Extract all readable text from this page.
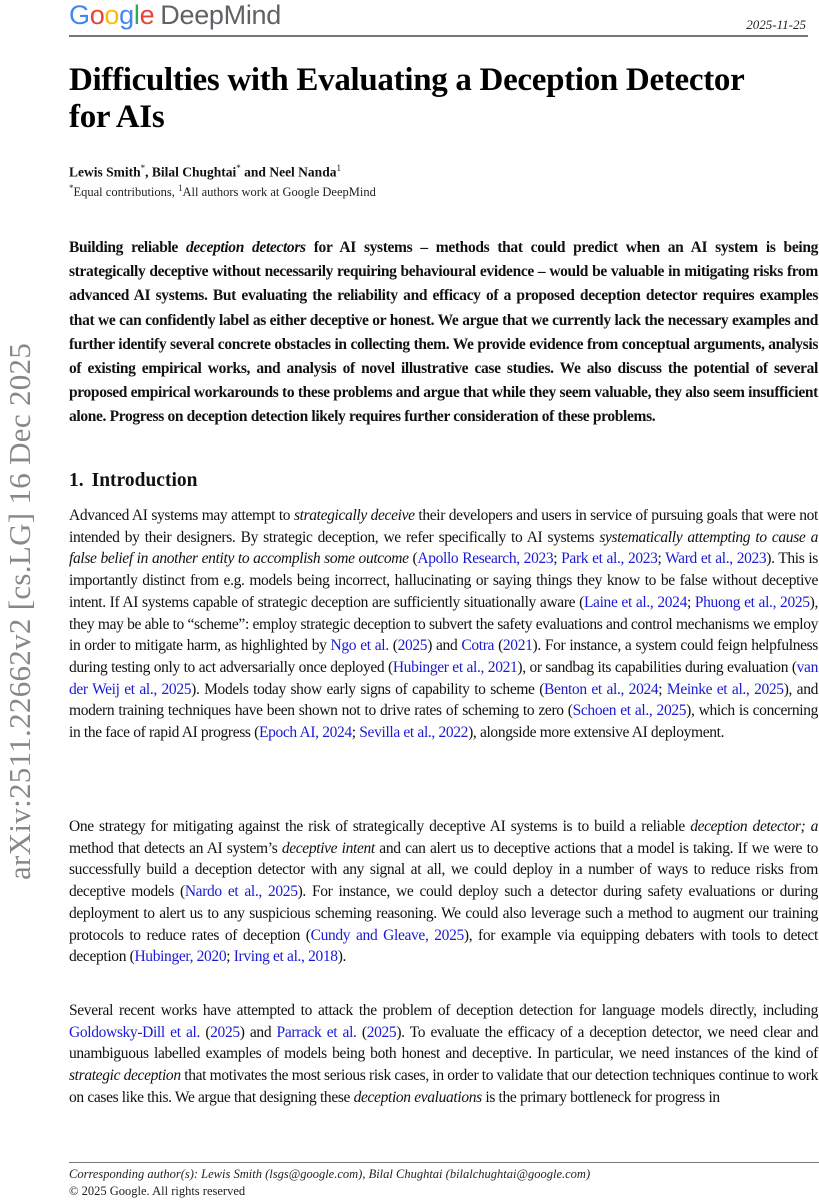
Google DeepMind	2025-11-25
Difficulties with Evaluating a Deception Detector for AIs
Lewis Smith*, Bilal Chughtai* and Neel Nanda$^1$
*Equal contributions, $^1$All authors work at Google DeepMind

Building reliable deception detectors for AI systems – methods that could predict when an AI system is being strategically deceptive without necessarily requiring behavioural evidence – would be valuable in mitigating risks from advanced AI systems. But evaluating the reliability and efficacy of a proposed deception detector requires examples that we can confidently label as either deceptive or honest. We argue that we currently lack the necessary examples and further identify several concrete obstacles in collecting them. We provide evidence from conceptual arguments, analysis of existing empirical works, and analysis of novel illustrative case studies. We also discuss the potential of several proposed empirical workarounds to these problems and argue that while they seem valuable, they also seem insufficient alone. Progress on deception detection likely requires further consideration of these problems.

1. Introduction

Advanced AI systems may attempt to strategically deceive their developers and users in service of pursuing goals that were not intended by their designers. By strategic deception, we refer specifically to AI systems systematically attempting to cause a false belief in another entity to accomplish some outcome (Apollo Research, 2023; Park et al., 2023; Ward et al., 2023). This is importantly distinct from e.g. models being incorrect, hallucinating or saying things they know to be false without deceptive intent. If AI systems capable of strategic deception are sufficiently situationally aware (Laine et al., 2024; Phuong et al., 2025), they may be able to “scheme”: employ strategic deception to subvert the safety evaluations and control mechanisms we employ in order to mitigate harm, as highlighted by Ngo et al. (2025) and Cotra (2021). For instance, a system could feign helpfulness during testing only to act adversarially once deployed (Hubinger et al., 2021), or sandbag its capabilities during evaluation (van der Weij et al., 2025). Models today show early signs of capability to scheme (Benton et al., 2024; Meinke et al., 2025), and modern training techniques have been shown not to drive rates of scheming to zero (Schoen et al., 2025), which is concerning in the face of rapid AI progress (Epoch AI, 2024; Sevilla et al., 2022), alongside more extensive AI deployment.

One strategy for mitigating against the risk of strategically deceptive AI systems is to build a reliable deception detector; a method that detects an AI system’s deceptive intent and can alert us to deceptive actions that a model is taking. If we were to successfully build a deception detector with any signal at all, we could deploy in a number of ways to reduce risks from deceptive models (Nardo et al., 2025). For instance, we could deploy such a detector during safety evaluations or during deployment to alert us to any suspicious scheming reasoning. We could also leverage such a method to augment our training protocols to reduce rates of deception (Cundy and Gleave, 2025), for example via equipping debaters with tools to detect deception (Hubinger, 2020; Irving et al., 2018).

Several recent works have attempted to attack the problem of deception detection for language models directly, including Goldowsky-Dill et al. (2025) and Parrack et al. (2025). To evaluate the efficacy of a deception detector, we need clear and unambiguous labelled examples of models being both honest and deceptive. In particular, we need instances of the kind of strategic deception that motivates the most serious risk cases, in order to validate that our detection techniques continue to work on cases like this. We argue that designing these deception evaluations is the primary bottleneck for progress in

arXiv:2511.22662v2 [cs.LG] 16 Dec 2025
Corresponding author(s): Lewis Smith (lsgs@google.com), Bilal Chughtai (bilalchughtai@google.com)
© 2025 Google. All rights reserved
